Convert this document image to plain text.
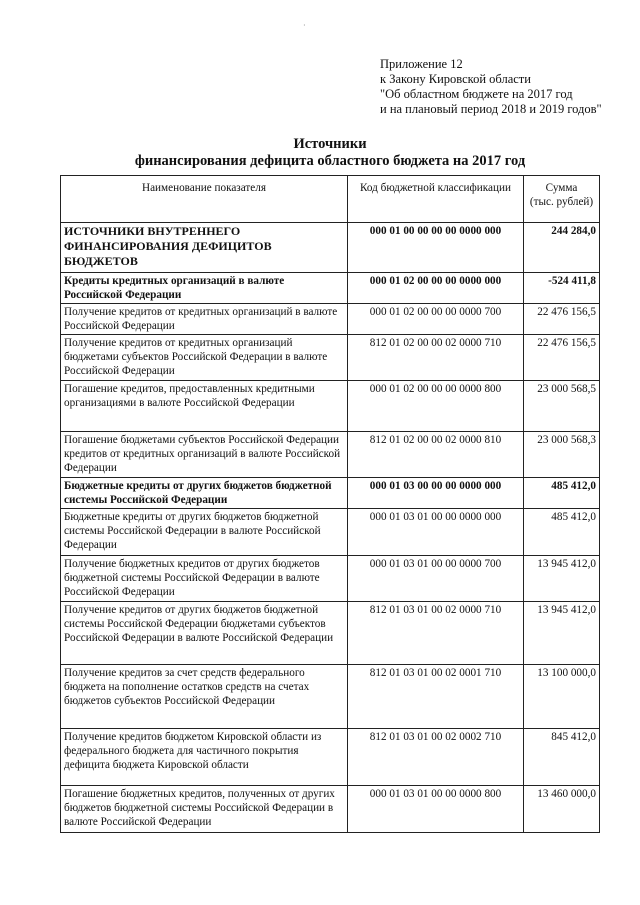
·
Приложение 12
к Закону Кировской области
"Об областном бюджете на 2017 год
и на плановый период 2018 и 2019 годов"
Источники
финансирования дефицита областного бюджета на 2017 год
Наименование показателя	Код бюджетной классификации	Сумма
(тыс. рублей)

ИСТОЧНИКИ ВНУТРЕННЕГО ФИНАНСИРОВАНИЯ ДЕФИЦИТОВ БЮДЖЕТОВ	000 01 00 00 00 00 0000 000	244 284,0
Кредиты кредитных организаций в валюте Российской Федерации	000 01 02 00 00 00 0000 000	-524 411,8
Получение кредитов от кредитных организаций в валюте Российской Федерации	000 01 02 00 00 00 0000 700	22 476 156,5
Получение кредитов от кредитных организаций бюджетами субъектов Российской Федерации в валюте Российской Федерации	812 01 02 00 00 02 0000 710	22 476 156,5
Погашение кредитов, предоставленных кредитными организациями в валюте Российской Федерации	000 01 02 00 00 00 0000 800	23 000 568,5
Погашение бюджетами субъектов Российской Федерации кредитов от кредитных организаций в валюте Российской Федерации	812 01 02 00 00 02 0000 810	23 000 568,3
Бюджетные кредиты от других бюджетов бюджетной системы Российской Федерации	000 01 03 00 00 00 0000 000	485 412,0
Бюджетные кредиты от других бюджетов бюджетной системы Российской Федерации в валюте Российской Федерации	000 01 03 01 00 00 0000 000	485 412,0
Получение бюджетных кредитов от других бюджетов бюджетной системы Российской Федерации в валюте Российской Федерации	000 01 03 01 00 00 0000 700	13 945 412,0
Получение кредитов от других бюджетов бюджетной системы Российской Федерации бюджетами субъектов Российской Федерации в валюте Российской Федерации	812 01 03 01 00 02 0000 710	13 945 412,0
Получение кредитов за счет средств федерального бюджета на пополнение остатков средств на счетах бюджетов субъектов Российской Федерации	812 01 03 01 00 02 0001 710	13 100 000,0
Получение кредитов бюджетом Кировской области из федерального бюджета для частичного покрытия дефицита бюджета Кировской области	812 01 03 01 00 02 0002 710	845 412,0
Погашение бюджетных кредитов, полученных от других бюджетов бюджетной системы Российской Федерации в валюте Российской Федерации	000 01 03 01 00 00 0000 800	13 460 000,0
